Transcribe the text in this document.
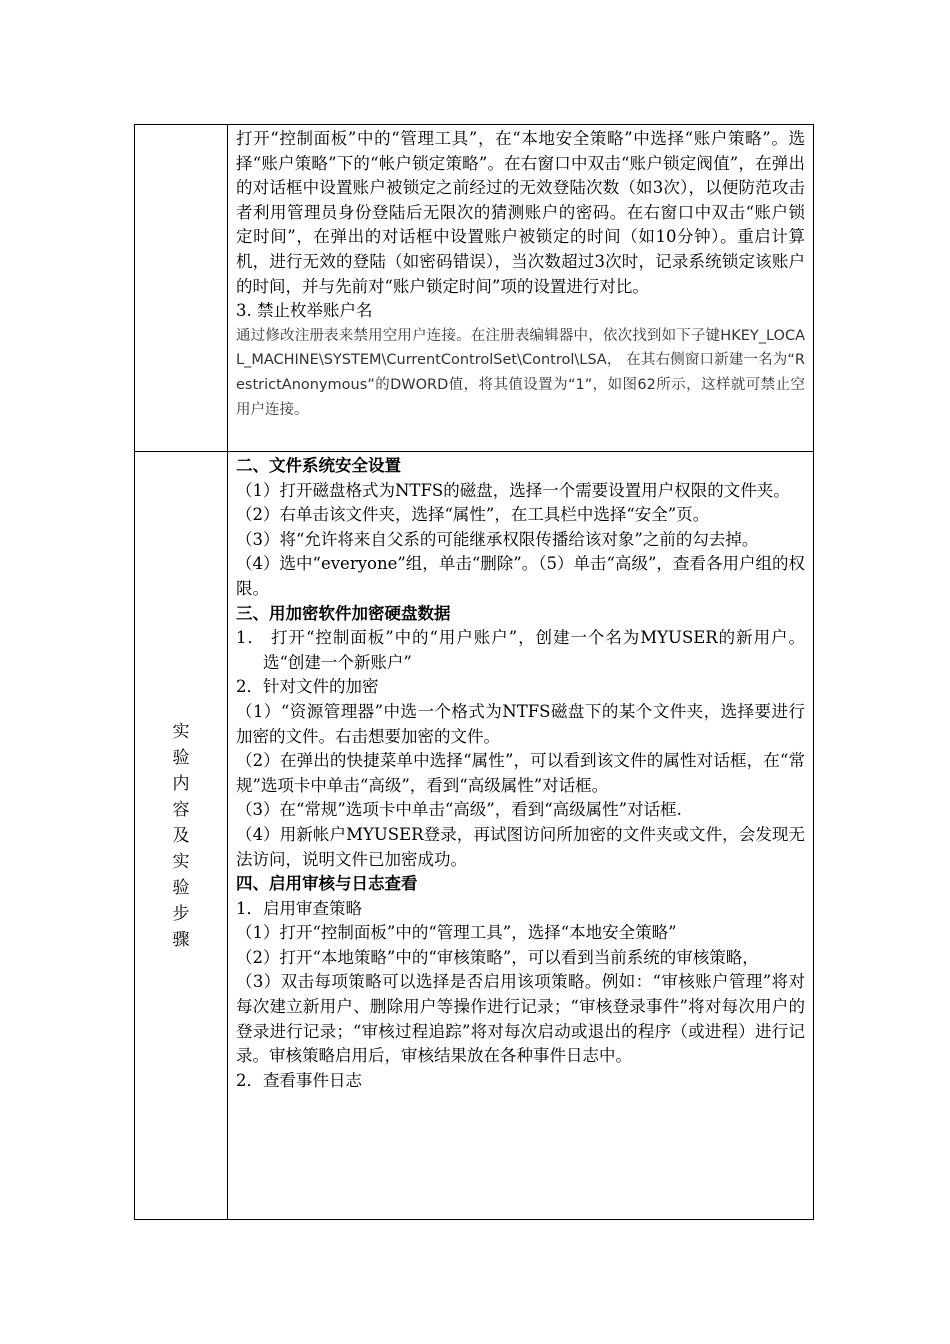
打开“控制面板”中的“管理工具”，在“本地安全策略”中选择“账户策略”。选择“账户策略”下的“帐户锁定策略”。在右窗口中双击“账户锁定阀值”，在弹出的对话框中设置账户被锁定之前经过的无效登陆次数（如3次），以便防范攻击者利用管理员身份登陆后无限次的猜测账户的密码。在右窗口中双击“账户锁定时间”，在弹出的对话框中设置账户被锁定的时间（如10分钟）。重启计算机，进行无效的登陆（如密码错误），当次数超过3次时，记录系统锁定该账户的时间，并与先前对“账户锁定时间”项的设置进行对比。

3. 禁止枚举账户名

通过修改注册表来禁用空用户连接。在注册表编辑器中，依次找到如下子键HKEY_LOCAL_MACHINE\SYSTEM\CurrentControlSet\Control\LSA， 在其右侧窗口新建一名为“RestrictAnonymous”的DWORD值，将其值设置为“1”，如图62所示，这样就可禁止空用户连接。

实验内容及实验步骤

二、文件系统安全设置

（1）打开磁盘格式为NTFS的磁盘，选择一个需要设置用户权限的文件夹。

（2）右单击该文件夹，选择“属性”，在工具栏中选择“安全”页。

（3）将“允许将来自父系的可能继承权限传播给该对象”之前的勾去掉。

（4）选中“everyone”组，单击“删除”。（5）单击“高级”，查看各用户组的权限。

三、用加密软件加密硬盘数据

1． 打开“控制面板”中的“用户账户”，创建一个名为MYUSER的新用户。选“创建一个新账户”

2．针对文件的加密

（1）“资源管理器”中选一个格式为NTFS磁盘下的某个文件夹，选择要进行加密的文件。右击想要加密的文件。

（2）在弹出的快捷菜单中选择“属性”，可以看到该文件的属性对话框，在“常规”选项卡中单击“高级”，看到“高级属性”对话框。

（3）在“常规”选项卡中单击“高级”，看到“高级属性”对话框.

（4）用新帐户MYUSER登录，再试图访问所加密的文件夹或文件，会发现无法访问，说明文件已加密成功。

四、启用审核与日志查看

1．启用审查策略

（1）打开“控制面板”中的“管理工具”，选择“本地安全策略”

（2）打开“本地策略”中的“审核策略”，可以看到当前系统的审核策略，

（3）双击每项策略可以选择是否启用该项策略。例如：“审核账户管理”将对每次建立新用户、删除用户等操作进行记录；“审核登录事件”将对每次用户的登录进行记录；“审核过程追踪”将对每次启动或退出的程序（或进程）进行记录。审核策略启用后，审核结果放在各种事件日志中。

2．查看事件日志
